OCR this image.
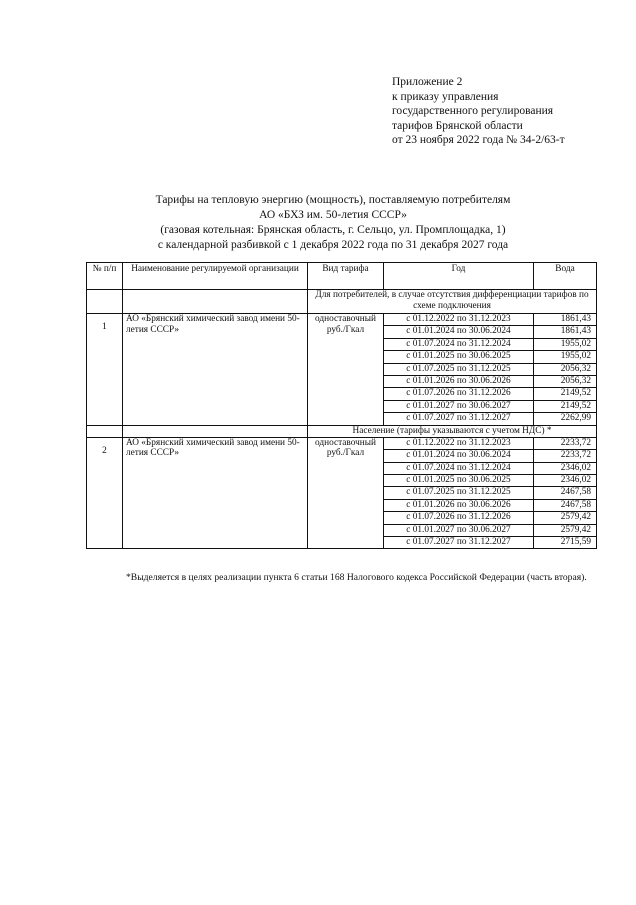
Приложение 2
к приказу управления
государственного регулирования
тарифов Брянской области
от 23 ноября 2022 года № 34-2/63-т
Тарифы на тепловую энергию (мощность), поставляемую потребителям
АО «БХЗ им. 50-летия СССР»
(газовая котельная: Брянская область, г. Сельцо, ул. Промплощадка, 1)
с календарной разбивкой с 1 декабря 2022 года по 31 декабря 2027 года
№ п/п	Наименование регулируемой организации	Вид тарифа	Год	Вода
		Для потребителей, в случае отсутствия дифференциации тарифов по схеме подключения		
1	АО «Брянский химический завод имени 50-летия СССР»	одноставочный руб./Гкал	с 01.12.2022 по 31.12.2023	1861,43
			с 01.01.2024 по 30.06.2024	1861,43
			с 01.07.2024 по 31.12.2024	1955,02
			с 01.01.2025 по 30.06.2025	1955,02
			с 01.07.2025 по 31.12.2025	2056,32
			с 01.01.2026 по 30.06.2026	2056,32
			с 01.07.2026 по 31.12.2026	2149,52
			с 01.01.2027 по 30.06.2027	2149,52
			с 01.07.2027 по 31.12.2027	2262,99
		Население (тарифы указываются с учетом НДС) *		
2	АО «Брянский химический завод имени 50-летия СССР»	одноставочный руб./Гкал	с 01.12.2022 по 31.12.2023	2233,72
			с 01.01.2024 по 30.06.2024	2233,72
			с 01.07.2024 по 31.12.2024	2346,02
			с 01.01.2025 по 30.06.2025	2346,02
			с 01.07.2025 по 31.12.2025	2467,58
			с 01.01.2026 по 30.06.2026	2467,58
			с 01.07.2026 по 31.12.2026	2579,42
			с 01.01.2027 по 30.06.2027	2579,42
			с 01.07.2027 по 31.12.2027	2715,59
*Выделяется в целях реализации пункта 6 статьи 168 Налогового кодекса Российской Федерации (часть вторая).
